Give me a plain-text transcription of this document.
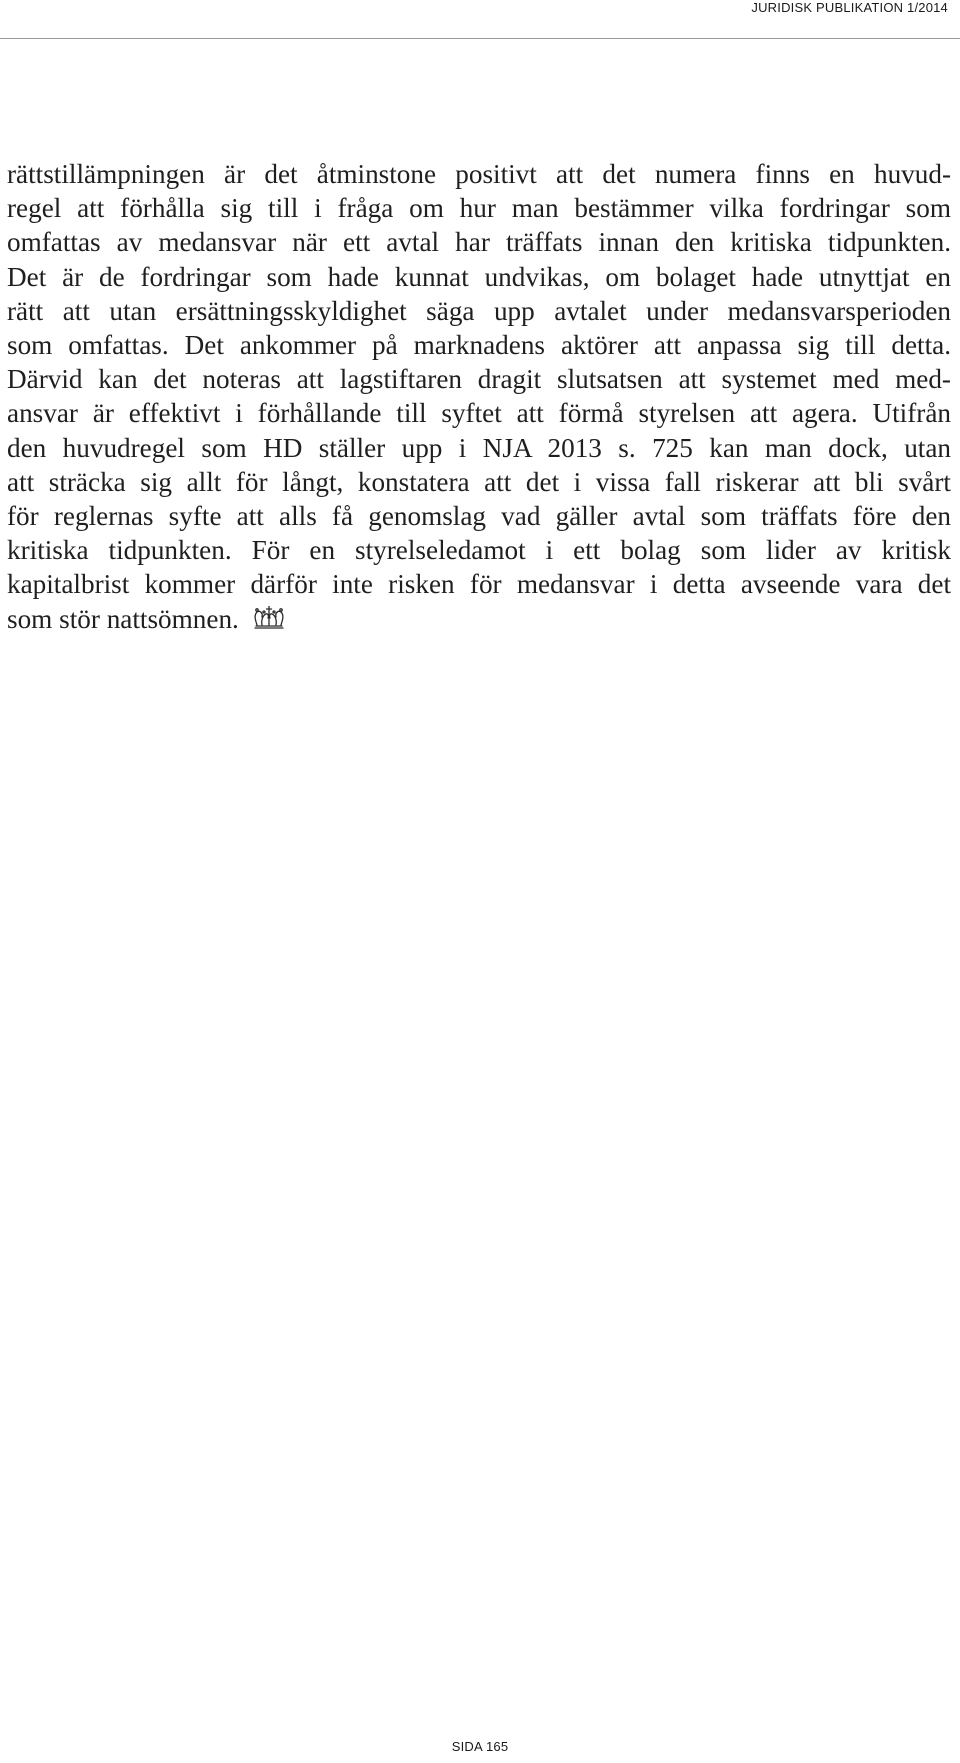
JURIDISK PUBLIKATION 1/2014
rättstillämpningen är det åtminstone positivt att det numera finns en huvud-
regel att förhålla sig till i fråga om hur man bestämmer vilka fordringar som
omfattas av medansvar när ett avtal har träffats innan den kritiska tidpunkten.
Det är de fordringar som hade kunnat undvikas, om bolaget hade utnyttjat en
rätt att utan ersättningsskyldighet säga upp avtalet under medansvarsperioden
som omfattas. Det ankommer på marknadens aktörer att anpassa sig till detta.
Därvid kan det noteras att lagstiftaren dragit slutsatsen att systemet med med-
ansvar är effektivt i förhållande till syftet att förmå styrelsen att agera. Utifrån
den huvudregel som HD ställer upp i NJA 2013 s. 725 kan man dock, utan
att sträcka sig allt för långt, konstatera att det i vissa fall riskerar att bli svårt
för reglernas syfte att alls få genomslag vad gäller avtal som träffats före den
kritiska tidpunkten. För en styrelseledamot i ett bolag som lider av kritisk
kapitalbrist kommer därför inte risken för medansvar i detta avseende vara det
som stör nattsömnen.
SIDA 165
